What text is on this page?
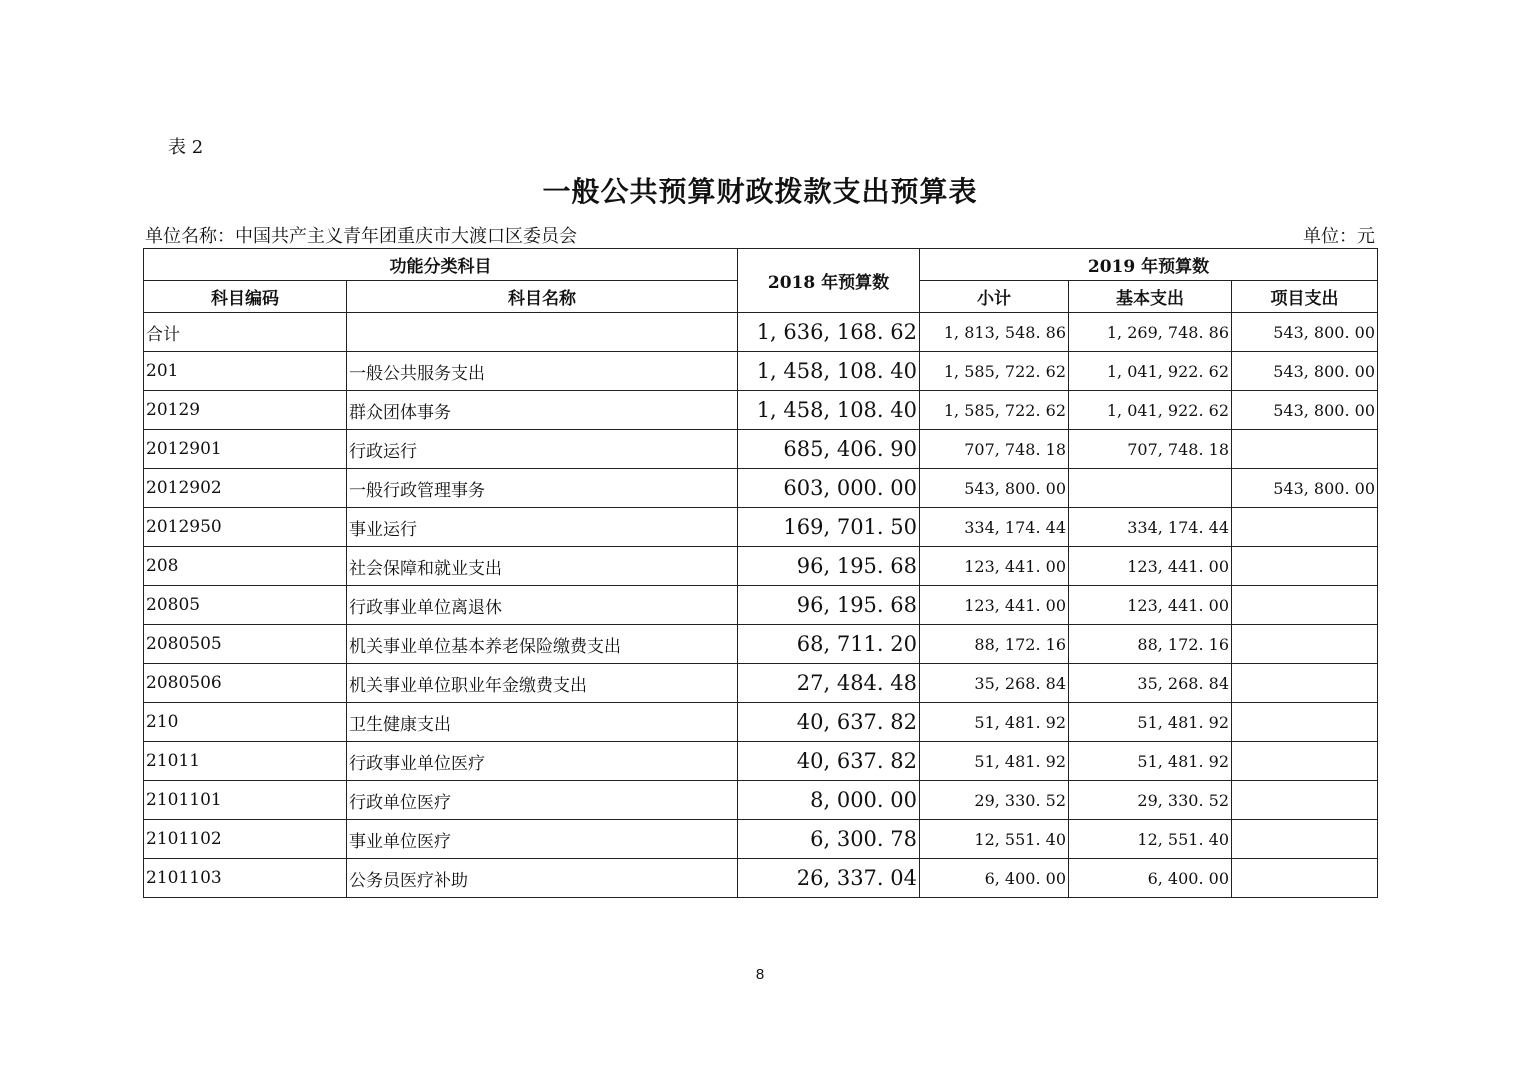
表 2
一般公共预算财政拨款支出预算表
单位名称：中国共产主义青年团重庆市大渡口区委员会	单位：元
功能分类科目		2018 年预算数	2019 年预算数		
科目编码	科目名称		小计	基本支出	项目支出
合计		1, 636, 168. 62	1, 813, 548. 86	1, 269, 748. 86	543, 800. 00
201	一般公共服务支出	1, 458, 108. 40	1, 585, 722. 62	1, 041, 922. 62	543, 800. 00
20129	群众团体事务	1, 458, 108. 40	1, 585, 722. 62	1, 041, 922. 62	543, 800. 00
2012901	行政运行	685, 406. 90	707, 748. 18	707, 748. 18	
2012902	一般行政管理事务	603, 000. 00	543, 800. 00		543, 800. 00
2012950	事业运行	169, 701. 50	334, 174. 44	334, 174. 44	
208	社会保障和就业支出	96, 195. 68	123, 441. 00	123, 441. 00	
20805	行政事业单位离退休	96, 195. 68	123, 441. 00	123, 441. 00	
2080505	机关事业单位基本养老保险缴费支出	68, 711. 20	88, 172. 16	88, 172. 16	
2080506	机关事业单位职业年金缴费支出	27, 484. 48	35, 268. 84	35, 268. 84	
210	卫生健康支出	40, 637. 82	51, 481. 92	51, 481. 92	
21011	行政事业单位医疗	40, 637. 82	51, 481. 92	51, 481. 92	
2101101	行政单位医疗	8, 000. 00	29, 330. 52	29, 330. 52	
2101102	事业单位医疗	6, 300. 78	12, 551. 40	12, 551. 40	
2101103	公务员医疗补助	26, 337. 04	6, 400. 00	6, 400. 00	
8
